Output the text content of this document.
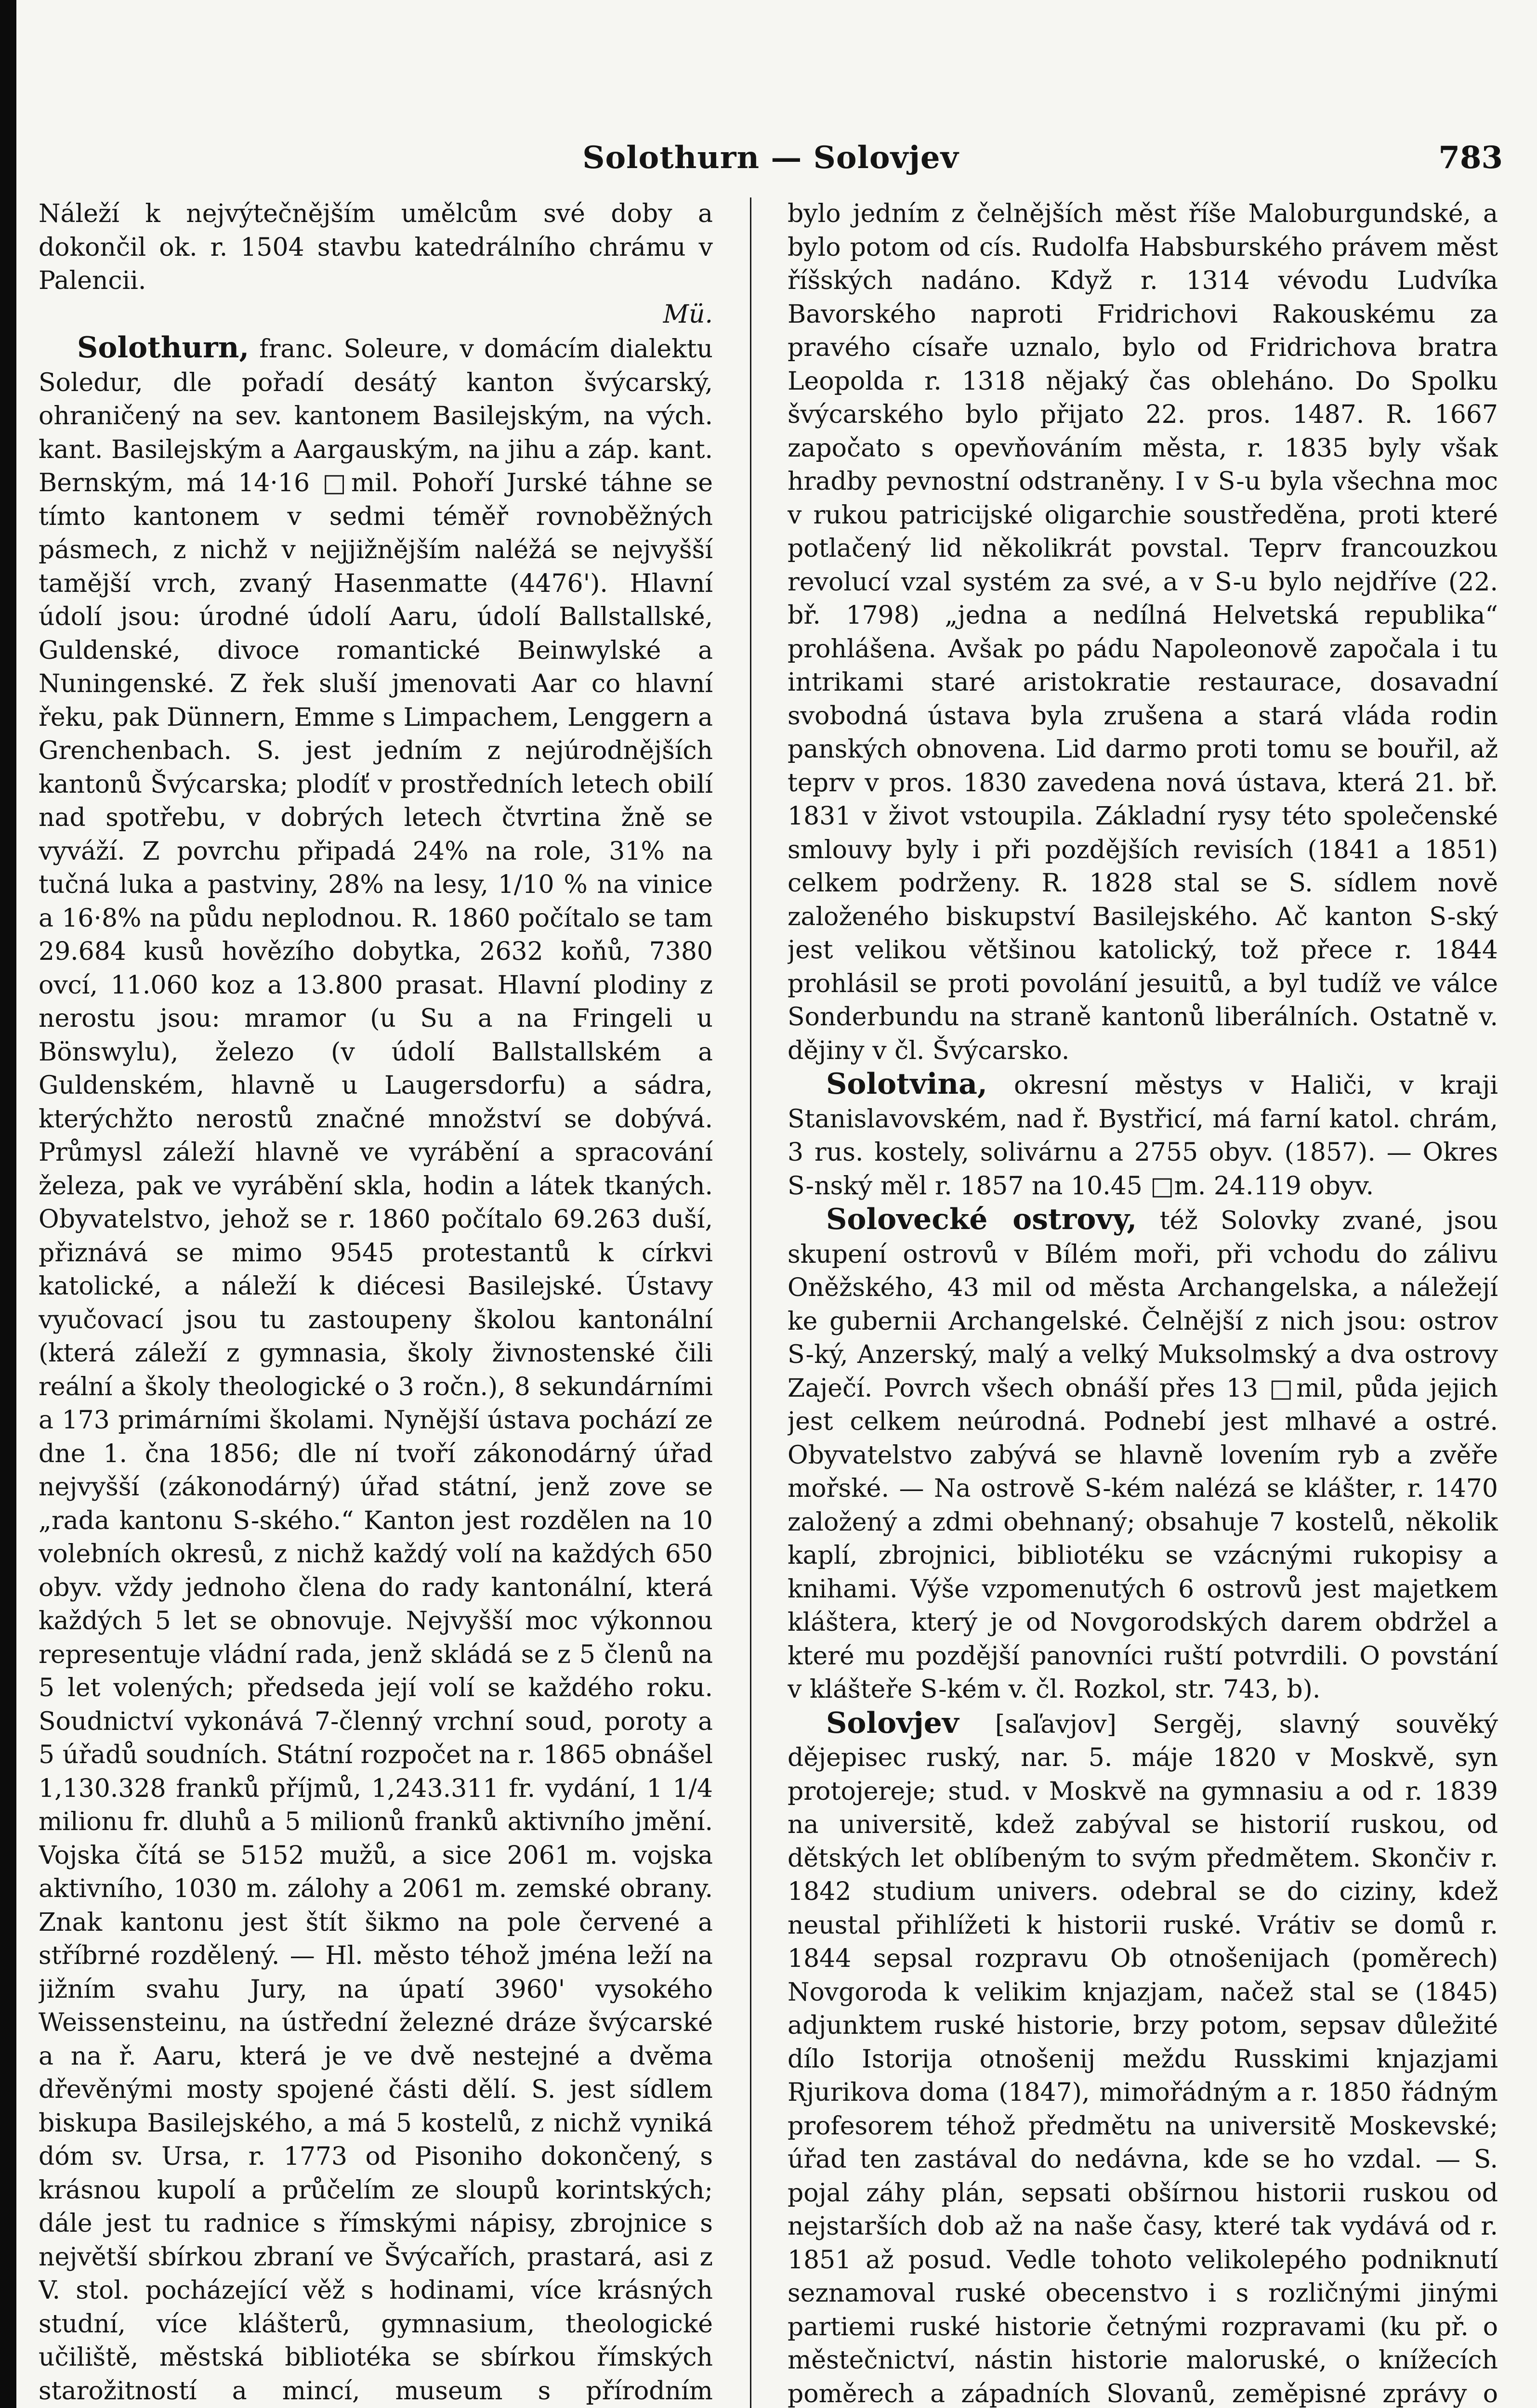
Solothurn — Solovjev	783

Náleží k nejvýtečnějším umělcům své doby a dokončil ok. r. 1504 stavbu katedrálního chrámu v Palencii.
Mü.

Solothurn, franc. Soleure, v domácím dialektu Soledur, dle pořadí desátý kanton švýcarský, ohraničený na sev. kantonem Basilejským, na vých. kant. Basilejským a Aargauským, na jihu a záp. kant. Bernským, má 14·16 □mil. Pohoří Jurské táhne se tímto kantonem v sedmi téměř rovnoběžných pásmech, z nichž v nejjižnějším naléžá se nejvyšší tamější vrch, zvaný Hasenmatte (4476'). Hlavní údolí jsou: úrodné údolí Aaru, údolí Ballstallské, Guldenské, divoce romantické Beinwylské a Nuningenské. Z řek sluší jmenovati Aar co hlavní řeku, pak Dünnern, Emme s Limpachem, Lenggern a Grenchenbach. S. jest jedním z nejúrodnějších kantonů Švýcarska; plodíť v prostředních letech obilí nad spotřebu, v dobrých letech čtvrtina žně se vyváží. Z povrchu připadá 24% na role, 31% na tučná luka a pastviny, 28% na lesy, 1/10 % na vinice a 16·8% na půdu neplodnou. R. 1860 počítalo se tam 29.684 kusů hovězího dobytka, 2632 koňů, 7380 ovcí, 11.060 koz a 13.800 prasat. Hlavní plodiny z nerostu jsou: mramor (u Su a na Fringeli u Bönswylu), železo (v údolí Ballstallském a Guldenském, hlavně u Laugersdorfu) a sádra, kterýchžto nerostů značné množství se dobývá. Průmysl záleží hlavně ve vyrábění a spracování železa, pak ve vyrábění skla, hodin a látek tkaných. Obyvatelstvo, jehož se r. 1860 počítalo 69.263 duší, přiznává se mimo 9545 protestantů k církvi katolické, a náleží k diécesi Basilejské. Ústavy vyučovací jsou tu zastoupeny školou kantonální (která záleží z gymnasia, školy živnostenské čili reální a školy theologické o 3 ročn.), 8 sekundárními a 173 primárními školami. Nynější ústava pochází ze dne 1. čna 1856; dle ní tvoří zákonodárný úřad nejvyšší (zákonodárný) úřad státní, jenž zove se „rada kantonu S-ského.“ Kanton jest rozdělen na 10 volebních okresů, z nichž každý volí na každých 650 obyv. vždy jednoho člena do rady kantonální, která každých 5 let se obnovuje. Nejvyšší moc výkonnou representuje vládní rada, jenž skládá se z 5 členů na 5 let volených; předseda její volí se každého roku. Soudnictví vykonává 7-členný vrchní soud, poroty a 5 úřadů soudních. Státní rozpočet na r. 1865 obnášel 1,130.328 franků příjmů, 1,243.311 fr. vydání, 1 1/4 milionu fr. dluhů a 5 milionů franků aktivního jmění. Vojska čítá se 5152 mužů, a sice 2061 m. vojska aktivního, 1030 m. zálohy a 2061 m. zemské obrany. Znak kantonu jest štít šikmo na pole červené a stříbrné rozdělený. — Hl. město téhož jména leží na jižním svahu Jury, na úpatí 3960' vysokého Weissensteinu, na ústřední železné dráze švýcarské a na ř. Aaru, která je ve dvě nestejné a dvěma dřevěnými mosty spojené části dělí. S. jest sídlem biskupa Basilejského, a má 5 kostelů, z nichž vyniká dóm sv. Ursa, r. 1773 od Pisoniho dokončený, s krásnou kupolí a průčelím ze sloupů korintských; dále jest tu radnice s římskými nápisy, zbrojnice s největší sbírkou zbraní ve Švýcařích, prastará, asi z V. stol. pocházející věž s hodinami, více krásných studní, více klášterů, gymnasium, theologické učiliště, městská bibliotéka se sbírkou římských starožitností a mincí, museum s přírodním

bylo jedním z čelnějších měst říše Maloburgundské, a bylo potom od cís. Rudolfa Habsburského právem měst říšských nadáno. Když r. 1314 vévodu Ludvíka Bavorského naproti Fridrichovi Rakouskému za pravého císaře uznalo, bylo od Fridrichova bratra Leopolda r. 1318 nějaký čas obleháno. Do Spolku švýcarského bylo přijato 22. pros. 1487. R. 1667 započato s opevňováním města, r. 1835 byly však hradby pevnostní odstraněny. I v S-u byla všechna moc v rukou patricijské oligarchie soustředěna, proti které potlačený lid několikrát povstal. Teprv francouzkou revolucí vzal systém za své, a v S-u bylo nejdříve (22. bř. 1798) „jedna a nedílná Helvetská republika“ prohlášena. Avšak po pádu Napoleonově započala i tu intrikami staré aristokratie restaurace, dosavadní svobodná ústava byla zrušena a stará vláda rodin panských obnovena. Lid darmo proti tomu se bouřil, až teprv v pros. 1830 zavedena nová ústava, která 21. bř. 1831 v život vstoupila. Základní rysy této společenské smlouvy byly i při pozdějších revisích (1841 a 1851) celkem podrženy. R. 1828 stal se S. sídlem nově založeného biskupství Basilejského. Ač kanton S-ský jest velikou většinou katolický, tož přece r. 1844 prohlásil se proti povolání jesuitů, a byl tudíž ve válce Sonderbundu na straně kantonů liberálních. Ostatně v. dějiny v čl. Švýcarsko.

Solotvina, okresní městys v Haliči, v kraji Stanislavovském, nad ř. Bystřicí, má farní katol. chrám, 3 rus. kostely, solivárnu a 2755 obyv. (1857). — Okres S-nský měl r. 1857 na 10.45 □m. 24.119 obyv.

Solovecké ostrovy, též Solovky zvané, jsou skupení ostrovů v Bílém moři, při vchodu do zálivu Oněžského, 43 mil od města Archangelska, a náležejí ke gubernii Archangelské. Čelnější z nich jsou: ostrov S-ký, Anzerský, malý a velký Muksolmský a dva ostrovy Zaječí. Povrch všech obnáší přes 13 □mil, půda jejich jest celkem neúrodná. Podnebí jest mlhavé a ostré. Obyvatelstvo zabývá se hlavně lovením ryb a zvěře mořské. — Na ostrově S-kém nalézá se klášter, r. 1470 založený a zdmi obehnaný; obsahuje 7 kostelů, několik kaplí, zbrojnici, bibliotéku se vzácnými rukopisy a knihami. Výše vzpomenutých 6 ostrovů jest majetkem kláštera, který je od Novgorodských darem obdržel a které mu pozdější panovníci ruští potvrdili. O povstání v klášteře S-kém v. čl. Rozkol, str. 743, b).

Solovjev [saľavjov] Sergěj, slavný souvěký dějepisec ruský, nar. 5. máje 1820 v Moskvě, syn protojereje; stud. v Moskvě na gymnasiu a od r. 1839 na universitě, kdež zabýval se historií ruskou, od dětských let oblíbeným to svým předmětem. Skončiv r. 1842 studium univers. odebral se do ciziny, kdež neustal přihlížeti k historii ruské. Vrátiv se domů r. 1844 sepsal rozpravu Ob otnošenijach (poměrech) Novgoroda k velikim knjazjam, načež stal se (1845) adjunktem ruské historie, brzy potom, sepsav důležité dílo Istorija otnošenij meždu Russkimi knjazjami Rjurikova doma (1847), mimořádným a r. 1850 řádným profesorem téhož předmětu na universitě Moskevské; úřad ten zastával do nedávna, kde se ho vzdal. — S. pojal záhy plán, sepsati obšírnou historii ruskou od nejstarších dob až na naše časy, které tak vydává od r. 1851 až posud. Vedle tohoto velikolepého podniknutí seznamoval ruské obecenstvo i s rozličnými jinými partiemi ruské historie četnými rozpravami (ku př. o městečnictví, nástin historie maloruské, o knížecích poměrech a západních Slovanů, zeměpisné zprávy o
